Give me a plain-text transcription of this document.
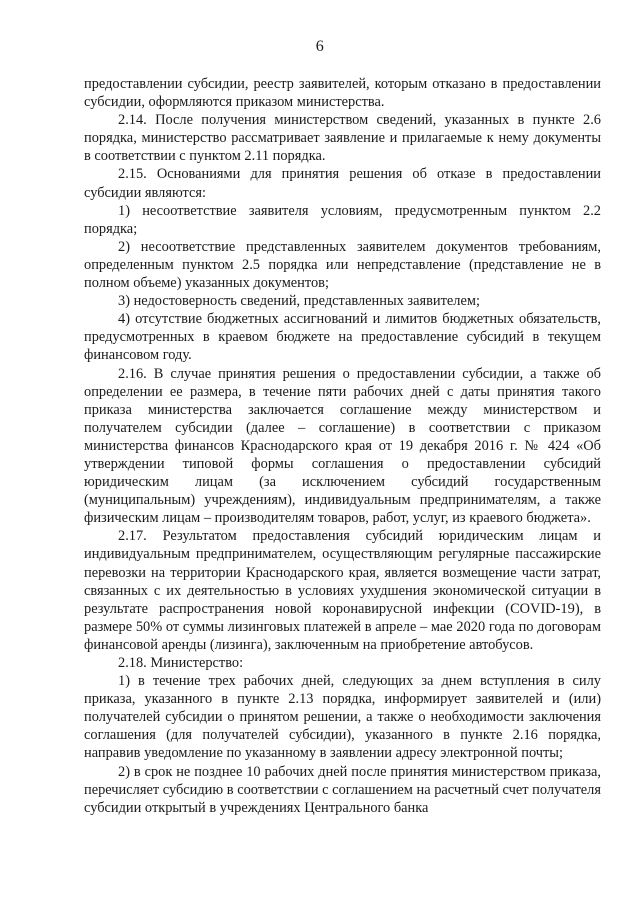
6

предоставлении субсидии, реестр заявителей, которым отказано в предоставлении субсидии, оформляются приказом министерства.

2.14. После получения министерством сведений, указанных в пункте 2.6 порядка, министерство рассматривает заявление и прилагаемые к нему документы в соответствии с пунктом 2.11 порядка.

2.15. Основаниями для принятия решения об отказе в предоставлении субсидии являются:

1) несоответствие заявителя условиям, предусмотренным пунктом 2.2 порядка;

2) несоответствие представленных заявителем документов требованиям, определенным пунктом 2.5 порядка или непредставление (представление не в полном объеме) указанных документов;

3) недостоверность сведений, представленных заявителем;

4) отсутствие бюджетных ассигнований и лимитов бюджетных обязательств, предусмотренных в краевом бюджете на предоставление субсидий в текущем финансовом году.

2.16. В случае принятия решения о предоставлении субсидии, а также об определении ее размера, в течение пяти рабочих дней с даты принятия такого приказа министерства заключается соглашение между министерством и получателем субсидии (далее – соглашение) в соответствии с приказом министерства финансов Краснодарского края от 19 декабря 2016 г. № 424 «Об утверждении типовой формы соглашения о предоставлении субсидий юридическим лицам (за исключением субсидий государственным (муниципальным) учреждениям), индивидуальным предпринимателям, а также физическим лицам – производителям товаров, работ, услуг, из краевого бюджета».

2.17. Результатом предоставления субсидий юридическим лицам и индивидуальным предпринимателем, осуществляющим регулярные пассажирские перевозки на территории Краснодарского края, является возмещение части затрат, связанных с их деятельностью в условиях ухудшения экономической ситуации в результате распространения новой коронавирусной инфекции (COVID-19), в размере 50% от суммы лизинговых платежей в апреле – мае 2020 года по договорам финансовой аренды (лизинга), заключенным на приобретение автобусов.

2.18. Министерство:

1) в течение трех рабочих дней, следующих за днем вступления в силу приказа, указанного в пункте 2.13 порядка, информирует заявителей и (или) получателей субсидии о принятом решении, а также о необходимости заключения соглашения (для получателей субсидии), указанного в пункте 2.16 порядка, направив уведомление по указанному в заявлении адресу электронной почты;

2) в срок не позднее 10 рабочих дней после принятия министерством приказа, перечисляет субсидию в соответствии с соглашением на расчетный счет получателя субсидии открытый в учреждениях Центрального банка
